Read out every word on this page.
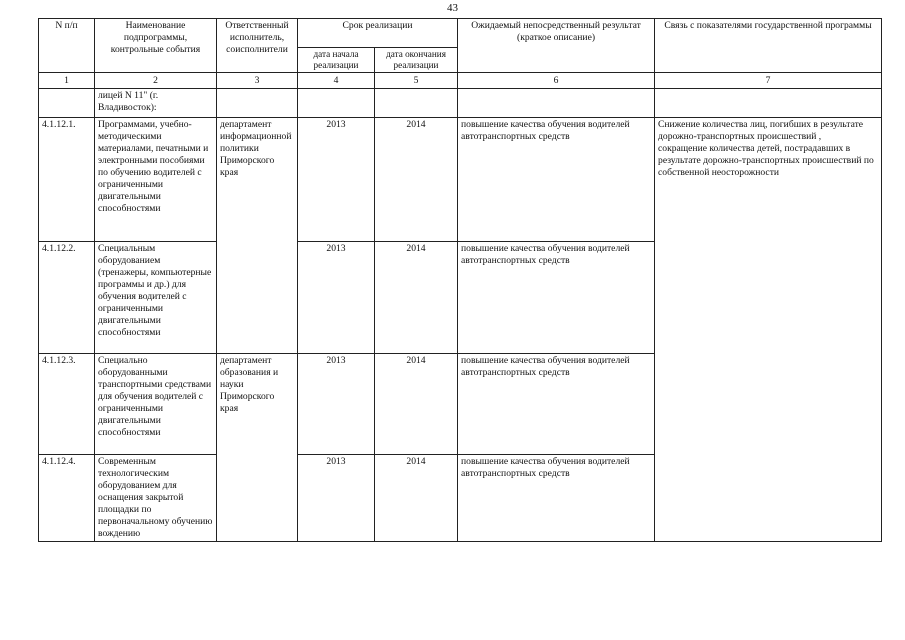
43
N п/п	Наименование подпрограммы, контрольные события	Ответственный исполнитель, соисполнители	Срок реализации		Ожидаемый непосредственный результат (краткое описание)	Связь с показателями государственной программы
			дата начала реализации	дата окончания реализации		
1	2	3	4	5	6	7
	лицей N 11" (г. Владивосток):					
4.1.12.1.	Программами, учебно-методическими материалами, печатными и электронными пособиями по обучению водителей с ограниченными двигательными способностями	департамент информационной политики Приморского края	2013	2014	повышение качества обучения водителей автотранспортных средств	Снижение количества лиц, погибших в результате дорожно-транспортных происшествий ,
сокращение количества детей, пострадавших в результате дорожно-транспортных происшествий по собственной неосторожности
4.1.12.2.	Специальным оборудованием (тренажеры, компьютерные программы и др.) для обучения водителей с ограниченными двигательными способностями		2013	2014	повышение качества обучения водителей автотранспортных средств	
4.1.12.3.	Специально оборудованными транспортными средствами для обучения водителей с ограниченными двигательными способностями	департамент образования и науки Приморского края	2013	2014	повышение качества обучения водителей автотранспортных средств	
4.1.12.4.	Современным технологическим оборудованием для оснащения закрытой площадки по первоначальному обучению вождению		2013	2014	повышение качества обучения водителей автотранспортных средств	
